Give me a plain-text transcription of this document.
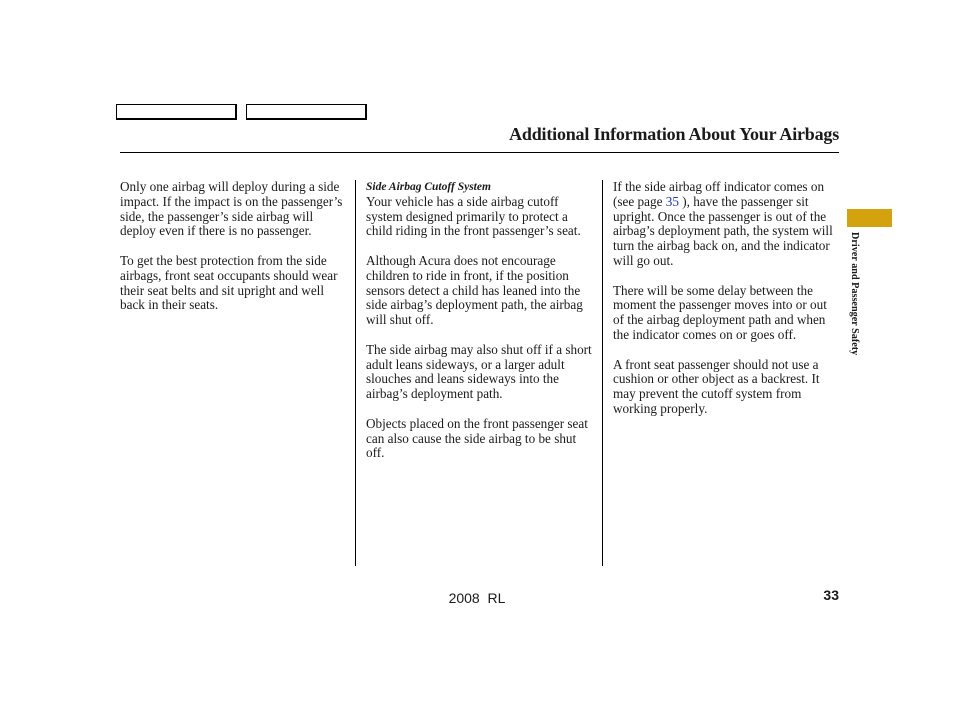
Additional Information About Your Airbags

Only one airbag will deploy during a side impact. If the impact is on the passenger’s side, the passenger’s side airbag will deploy even if there is no passenger.

To get the best protection from the side airbags, front seat occupants should wear their seat belts and sit upright and well back in their seats.

Side Airbag Cutoff System

Your vehicle has a side airbag cutoff system designed primarily to protect a child riding in the front passenger’s seat.

Although Acura does not encourage children to ride in front, if the position sensors detect a child has leaned into the side airbag’s deployment path, the airbag will shut off.

The side airbag may also shut off if a short adult leans sideways, or a larger adult slouches and leans sideways into the airbag’s deployment path.

Objects placed on the front passenger seat can also cause the side airbag to be shut off.

If the side airbag off indicator comes on (see page 35 ), have the passenger sit upright. Once the passenger is out of the airbag’s deployment path, the system will turn the airbag back on, and the indicator will go out.

There will be some delay between the moment the passenger moves into or out of the airbag deployment path and when the indicator comes on or goes off.

A front seat passenger should not use a cushion or other object as a backrest. It may prevent the cutoff system from working properly.

Driver and Passenger Safety
2008  RL	33
